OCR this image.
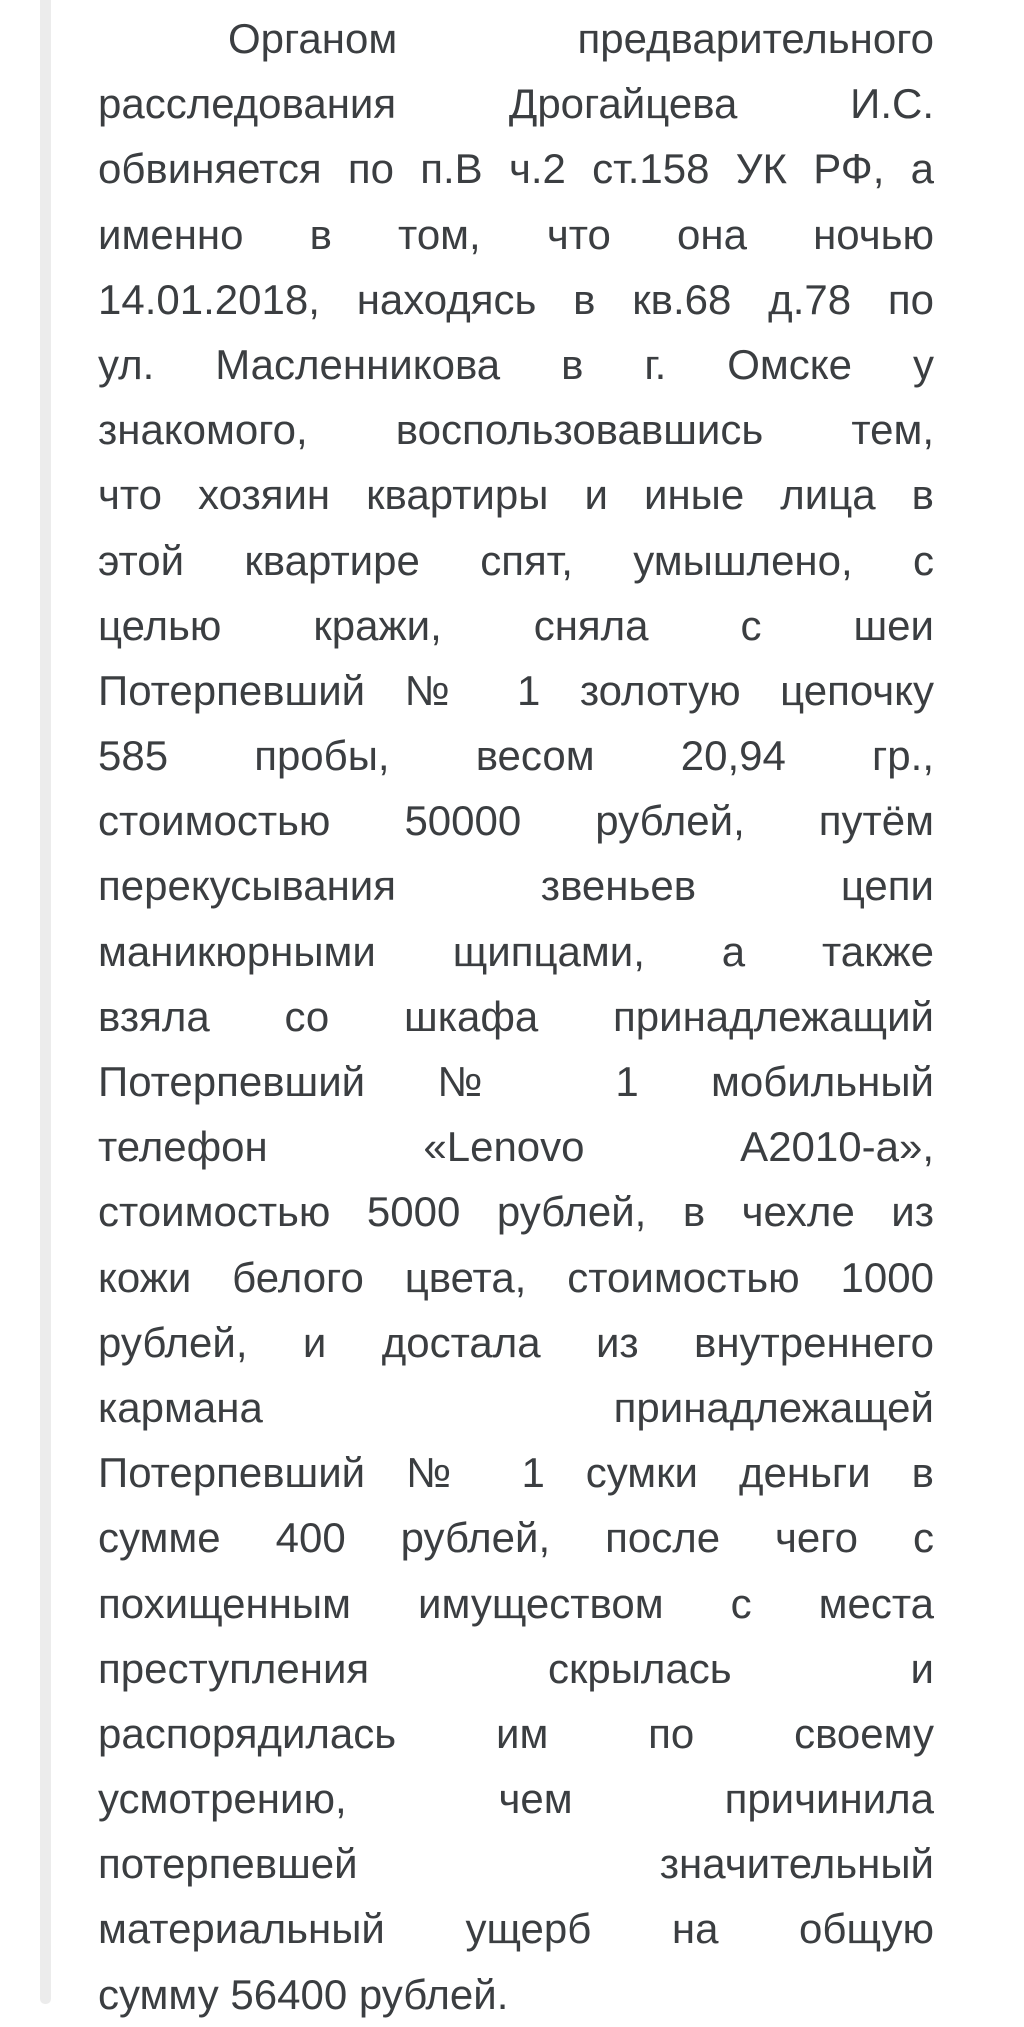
Органом предварительного
расследования Дрогайцева И.С.
обвиняется по п.В ч.2 ст.158 УК РФ, а
именно в том, что она ночью
14.01.2018, находясь в кв.68 д.78 по
ул. Масленникова в г. Омске у
знакомого, воспользовавшись тем,
что хозяин квартиры и иные лица в
этой квартире спят, умышлено, с
целью кражи, сняла с шеи
Потерпевший № 1 золотую цепочку
585 пробы, весом 20,94 гр.,
стоимостью 50000 рублей, путём
перекусывания звеньев цепи
маникюрными щипцами, а также
взяла со шкафа принадлежащий
Потерпевший № 1 мобильный
телефон «Lenovo А2010-а»,
стоимостью 5000 рублей, в чехле из
кожи белого цвета, стоимостью 1000
рублей, и достала из внутреннего
кармана принадлежащей
Потерпевший № 1 сумки деньги в
сумме 400 рублей, после чего с
похищенным имуществом с места
преступления скрылась и
распорядилась им по своему
усмотрению, чем причинила
потерпевшей значительный
материальный ущерб на общую
сумму 56400 рублей.
